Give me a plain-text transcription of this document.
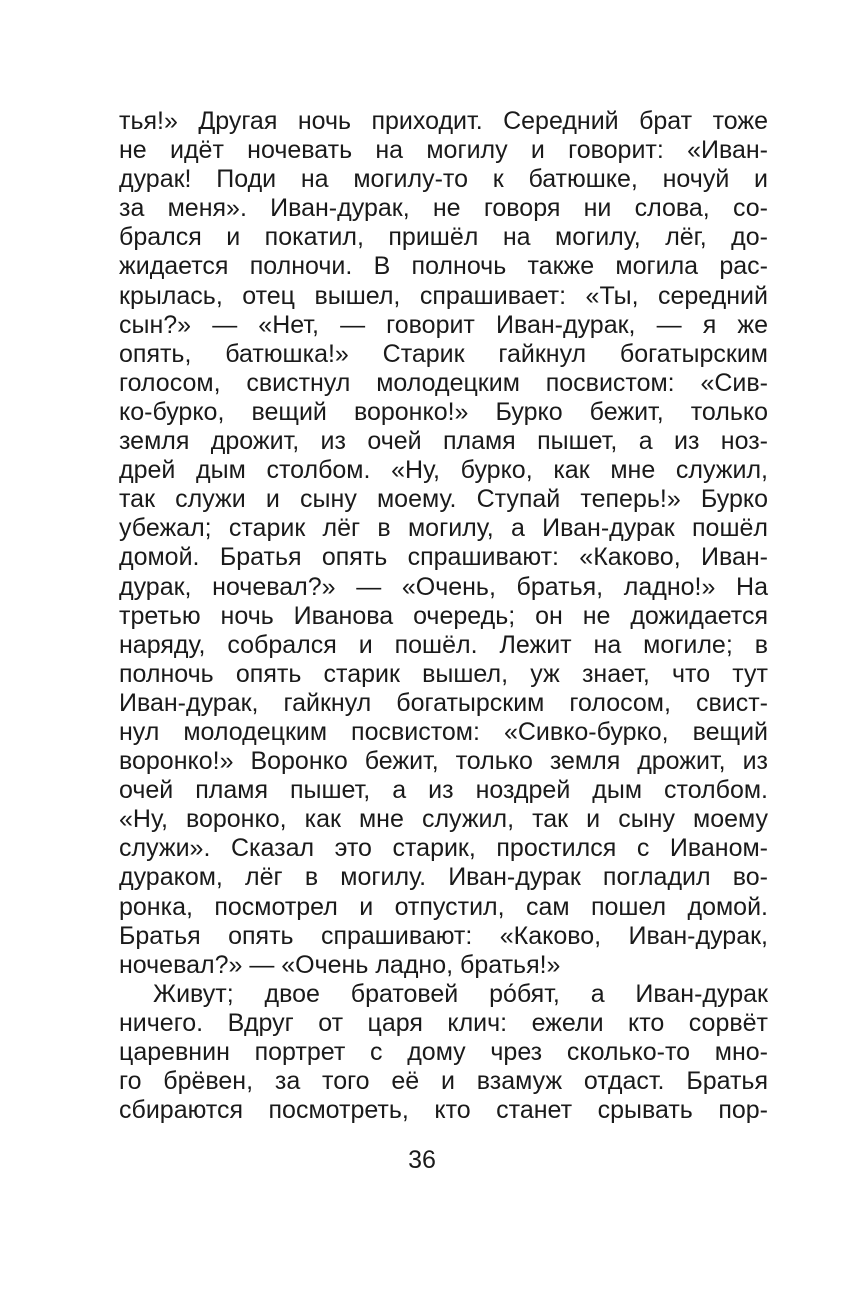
тья!» Другая ночь приходит. Середний брат тоже
не идёт ночевать на могилу и говорит: «Иван-
дурак! Поди на могилу-то к батюшке, ночуй и
за меня». Иван-дурак, не говоря ни слова, со-
брался и покатил, пришёл на могилу, лёг, до-
жидается полночи. В полночь также могила рас-
крылась, отец вышел, спрашивает: «Ты, середний
сын?» — «Нет, — говорит Иван-дурак, — я же
опять, батюшка!» Старик гайкнул богатырским
голосом, свистнул молодецким посвистом: «Сив-
ко-бурко, вещий воронко!» Бурко бежит, только
земля дрожит, из очей пламя пышет, а из ноз-
дрей дым столбом. «Ну, бурко, как мне служил,
так служи и сыну моему. Ступай теперь!» Бурко
убежал; старик лёг в могилу, а Иван-дурак пошёл
домой. Братья опять спрашивают: «Каково, Иван-
дурак, ночевал?» — «Очень, братья, ладно!» На
третью ночь Иванова очередь; он не дожидается
наряду, собрался и пошёл. Лежит на могиле; в
полночь опять старик вышел, уж знает, что тут
Иван-дурак, гайкнул богатырским голосом, свист-
нул молодецким посвистом: «Сивко-бурко, вещий
воронко!» Воронко бежит, только земля дрожит, из
очей пламя пышет, а из ноздрей дым столбом.
«Ну, воронко, как мне служил, так и сыну моему
служи». Сказал это старик, простился с Иваном-
дураком, лёг в могилу. Иван-дурак погладил во-
ронка, посмотрел и отпустил, сам пошел домой.
Братья опять спрашивают: «Каково, Иван-дурак,
ночевал?» — «Очень ладно, братья!»
Живут; двое братовей ро́бят, а Иван-дурак
ничего. Вдруг от царя клич: ежели кто сорвёт
царевнин портрет с дому чрез сколько-то мно-
го брёвен, за того её и взамуж отдаст. Братья
сбираются посмотреть, кто станет срывать пор-
36
